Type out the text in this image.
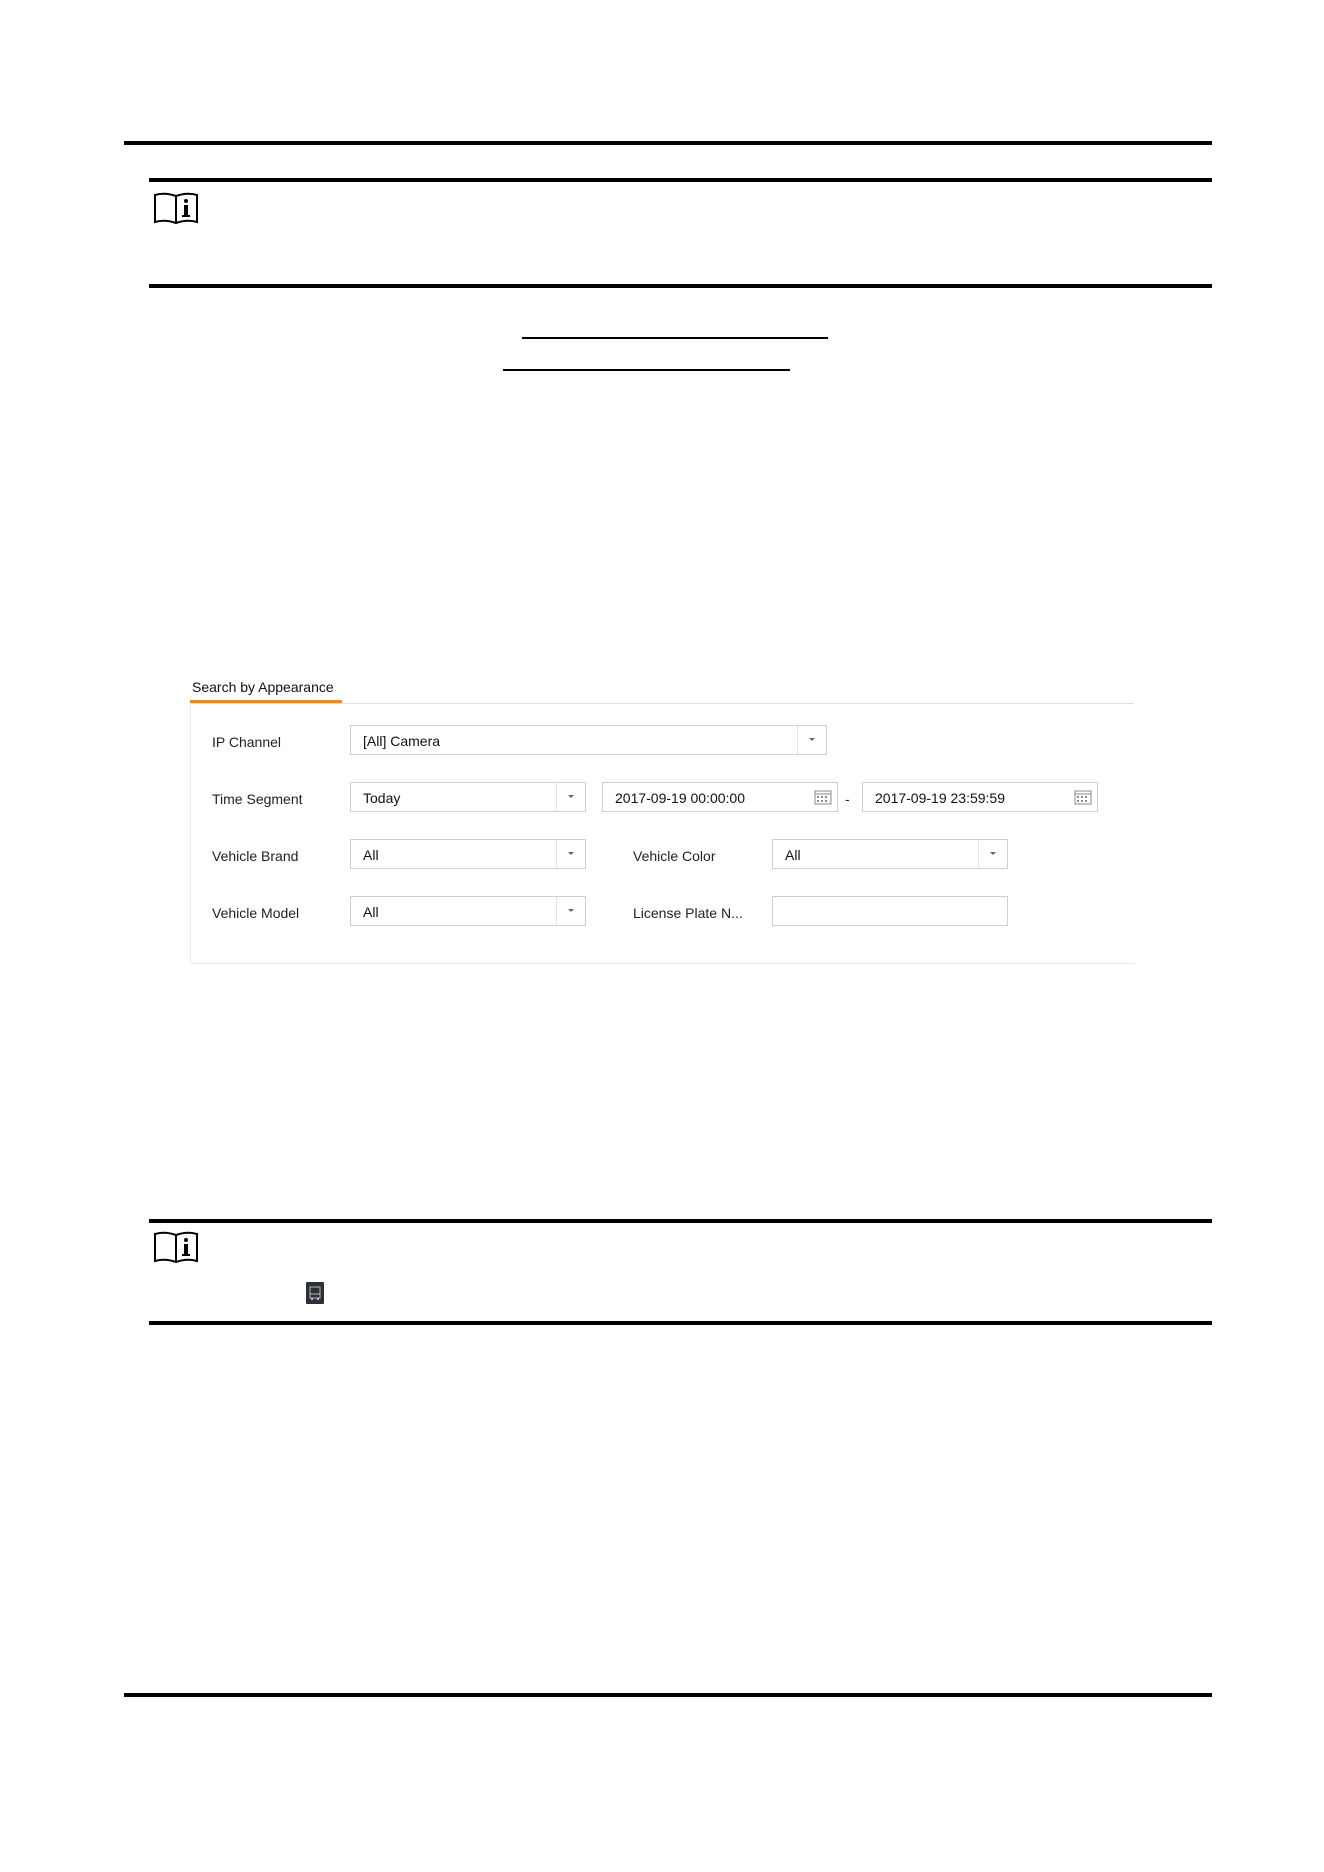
Search by Appearance
IP Channel	[All] Camera
Time Segment	Today	2017-09-19 00:00:00	- 2017-09-19 23:59:59
Vehicle Brand	All	Vehicle Color	All
Vehicle Model	All	License Plate N...
